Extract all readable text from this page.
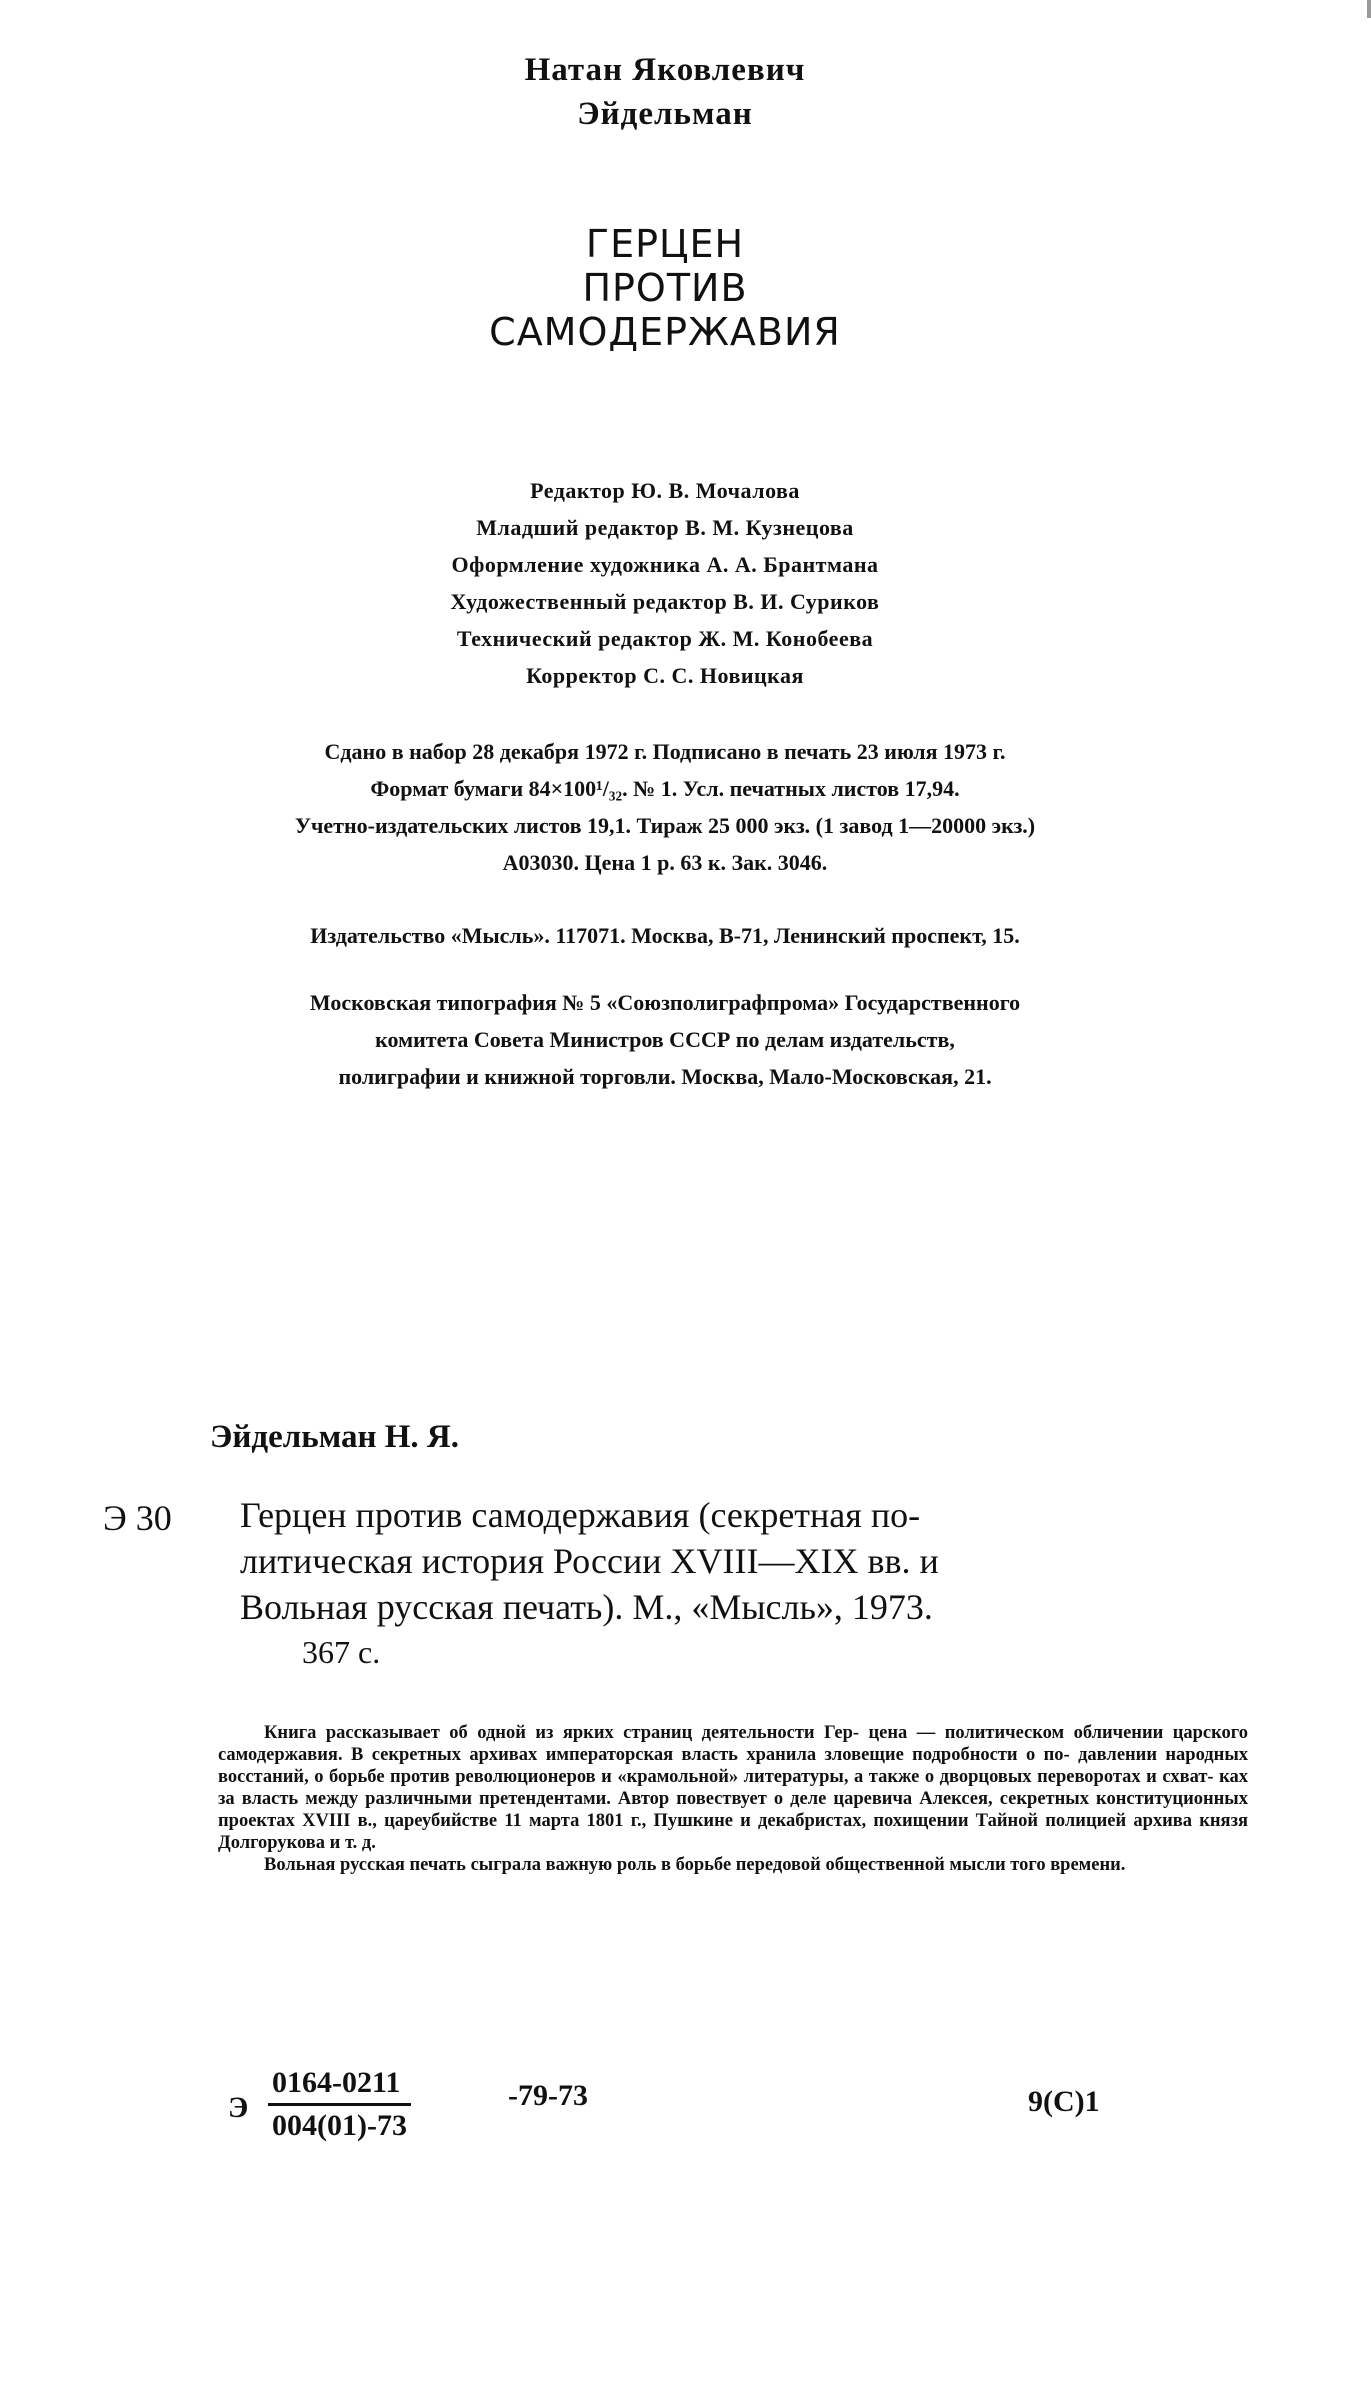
Натан Яковлевич
Эйдельман
ГЕРЦЕН
ПРОТИВ
САМОДЕРЖАВИЯ
Редактор Ю. В. Мочалова
Младший редактор В. М. Кузнецова
Оформление художника А. А. Брантмана
Художественный редактор В. И. Суриков
Технический редактор Ж. М. Конобеева
Корректор С. С. Новицкая
Сдано в набор 28 декабря 1972 г. Подписано в печать 23 июля 1973 г.
Формат бумаги 84×100¹/₃₂. № 1. Усл. печатных листов 17,94.
Учетно-издательских листов 19,1. Тираж 25 000 экз. (1 завод 1—20000 экз.)
А03030. Цена 1 р. 63 к. Зак. 3046.
Издательство «Мысль». 117071. Москва, В-71, Ленинский проспект, 15.
Московская типография № 5 «Союзполиграфпрома» Государственного
комитета Совета Министров СССР по делам издательств,
полиграфии и книжной торговли. Москва, Мало-Московская, 21.
Эйдельман Н. Я.
Э 30 Герцен против самодержавия (секретная по-
литическая история России XVIII—XIX вв. и
Вольная русская печать). М., «Мысль», 1973.
367 с.

Книга рассказывает об одной из ярких страниц деятельности Гер- цена — политическом обличении царского самодержавия. В секретных архивах императорская власть хранила зловещие подробности о по- давлении народных восстаний, о борьбе против революционеров и «крамольной» литературы, а также о дворцовых переворотах и схват- ках за власть между различными претендентами. Автор повествует о деле царевича Алексея, секретных конституционных проектах XVIII в., цареубийстве 11 марта 1801 г., Пушкине и декабристах, похищении Тайной полицией архива князя Долгорукова и т. д.

Вольная русская печать сыграла важную роль в борьбе передовой общественной мысли того времени.

Э $\frac{0164-0211}{004(01)-73}$	-79-73	9(С)1
